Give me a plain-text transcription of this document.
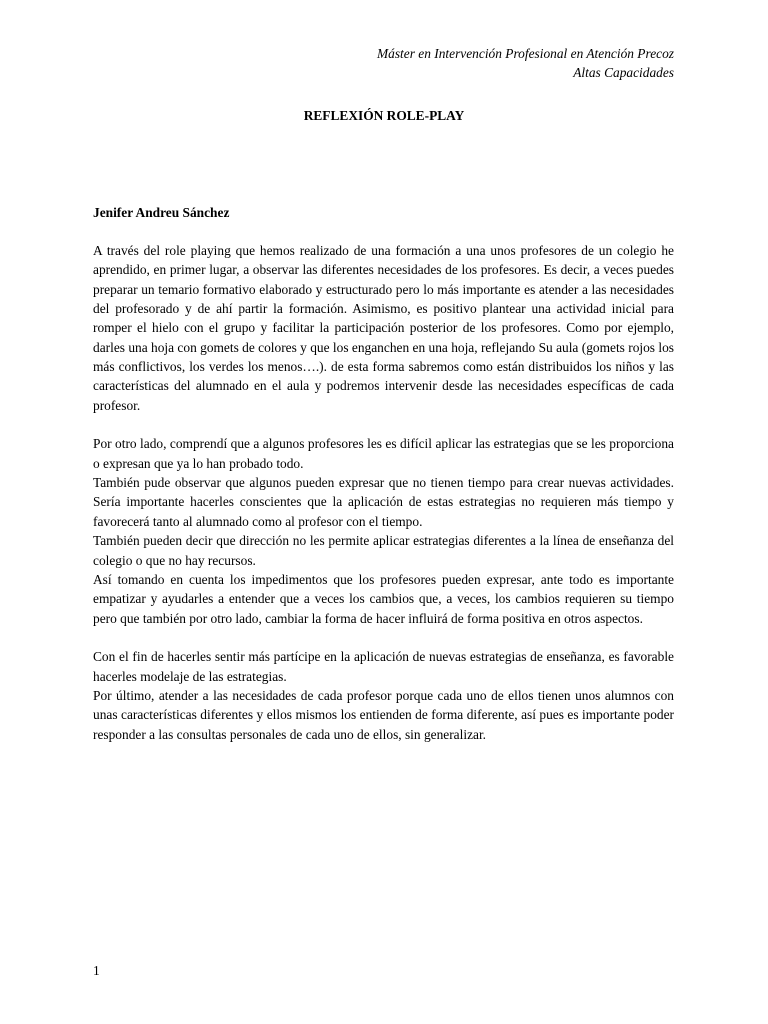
Máster en Intervención Profesional en Atención Precoz
Altas Capacidades
REFLEXIÓN ROLE-PLAY
Jenifer Andreu Sánchez

A través del role playing que hemos realizado de una formación a una unos profesores de un colegio he aprendido, en primer lugar, a observar las diferentes necesidades de los profesores. Es decir, a veces puedes preparar un temario formativo elaborado y estructurado pero lo más importante es atender a las necesidades del profesorado y de ahí partir la formación. Asimismo, es positivo plantear una actividad inicial para romper el hielo con el grupo y facilitar la participación posterior de los profesores. Como por ejemplo, darles una hoja con gomets de colores y que los enganchen en una hoja, reflejando Su aula (gomets rojos los más conflictivos, los verdes los menos….). de esta forma sabremos como están distribuidos los niños y las características del alumnado en el aula y podremos intervenir desde las necesidades específicas de cada profesor.

Por otro lado, comprendí que a algunos profesores les es difícil aplicar las estrategias que se les proporciona o expresan que ya lo han probado todo.

También pude observar que algunos pueden expresar que no tienen tiempo para crear nuevas actividades. Sería importante hacerles conscientes que la aplicación de estas estrategias no requieren más tiempo y favorecerá tanto al alumnado como al profesor con el tiempo.

También pueden decir que dirección no les permite aplicar estrategias diferentes a la línea de enseñanza del colegio o que no hay recursos.

Así tomando en cuenta los impedimentos que los profesores pueden expresar, ante todo es importante empatizar y ayudarles a entender que a veces los cambios que, a veces, los cambios requieren su tiempo pero que también por otro lado, cambiar la forma de hacer influirá de forma positiva en otros aspectos.

Con el fin de hacerles sentir más partícipe en la aplicación de nuevas estrategias de enseñanza, es favorable hacerles modelaje de las estrategias.

Por último, atender a las necesidades de cada profesor porque cada uno de ellos tienen unos alumnos con unas características diferentes y ellos mismos los entienden de forma diferente, así pues es importante poder responder a las consultas personales de cada uno de ellos, sin generalizar.

1
